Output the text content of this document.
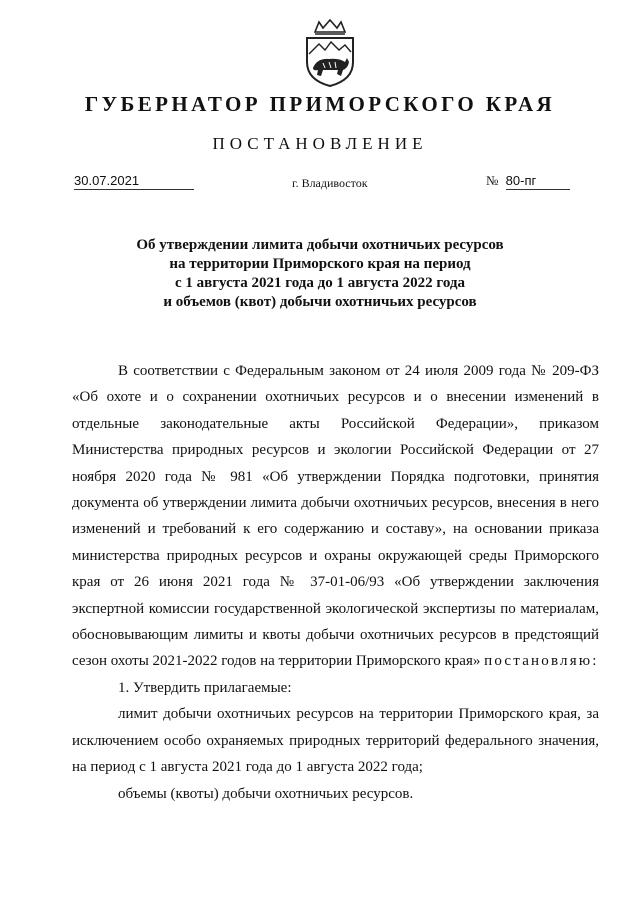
ГУБЕРНАТОР ПРИМОРСКОГО КРАЯ
ПОСТАНОВЛЕНИЕ
30.07.2021	г. Владивосток	№ 80-пг
Об утверждении лимита добычи охотничьих ресурсов
на территории Приморского края на период
с 1 августа 2021 года до 1 августа 2022 года
и объемов (квот) добычи охотничьих ресурсов

В соответствии с Федеральным законом от 24 июля 2009 года № 209-ФЗ «Об охоте и о сохранении охотничьих ресурсов и о внесении изменений в отдельные законодательные акты Российской Федерации», приказом Министерства природных ресурсов и экологии Российской Федерации от 27 ноября 2020 года № 981 «Об утверждении Порядка подготовки, принятия документа об утверждении лимита добычи охотничьих ресурсов, внесения в него изменений и требований к его содержанию и составу», на основании приказа министерства природных ресурсов и охраны окружающей среды Приморского края от 26 июня 2021 года № 37-01-06/93 «Об утверждении заключения экспертной комиссии государственной экологической экспертизы по материалам, обосновывающим лимиты и квоты добычи охотничьих ресурсов в предстоящий сезон охоты 2021-2022 годов на территории Приморского края» постановляю:

1. Утвердить прилагаемые:

лимит добычи охотничьих ресурсов на территории Приморского края, за исключением особо охраняемых природных территорий федерального значения, на период с 1 августа 2021 года до 1 августа 2022 года;

объемы (квоты) добычи охотничьих ресурсов.
